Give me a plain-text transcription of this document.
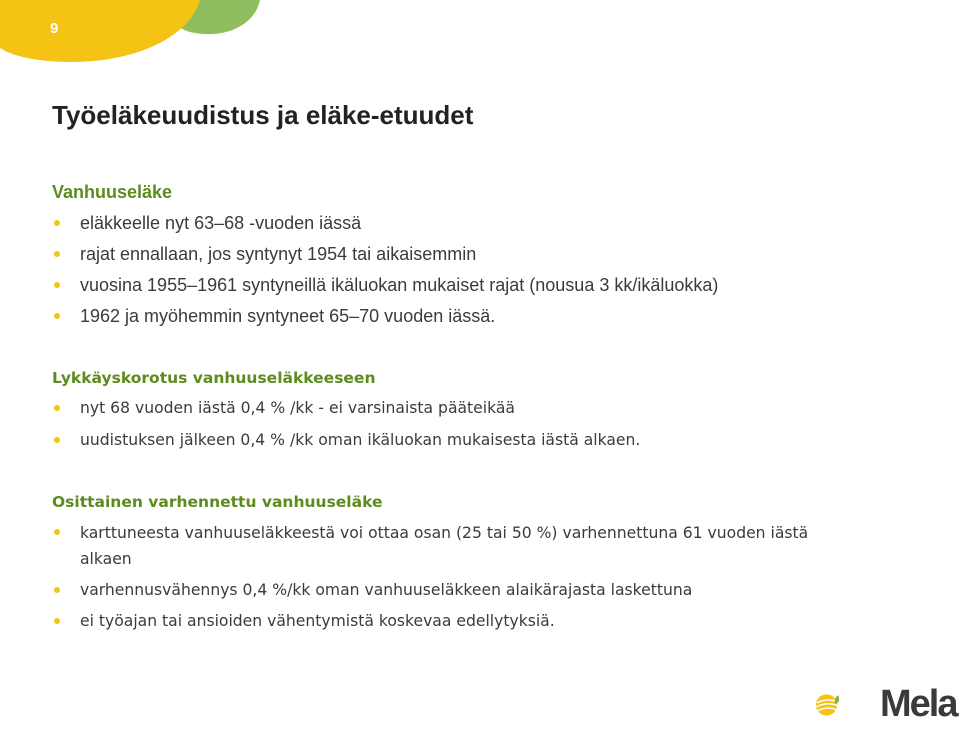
9
Työeläkeuudistus ja eläke-etuudet
Vanhuuseläke
eläkkeelle nyt 63–68 -vuoden iässä
rajat ennallaan, jos syntynyt 1954 tai aikaisemmin
vuosina 1955–1961 syntyneillä ikäluokan mukaiset rajat (nousua 3 kk/ikäluokka)
1962 ja myöhemmin syntyneet 65–70 vuoden iässä.
Lykkäyskorotus vanhuuseläkkeeseen
nyt 68 vuoden iästä 0,4 % /kk - ei varsinaista pääteikää
uudistuksen jälkeen 0,4 % /kk oman ikäluokan mukaisesta iästä alkaen.
Osittainen varhennettu vanhuuseläke
karttuneesta vanhuuseläkkeestä voi ottaa osan (25 tai 50 %) varhennettuna 61 vuoden iästä alkaen
varhennusvähennys 0,4 %/kk oman vanhuuseläkkeen alaikärajasta laskettuna
ei työajan tai ansioiden vähentymistä koskevaa edellytyksiä.
Mela
